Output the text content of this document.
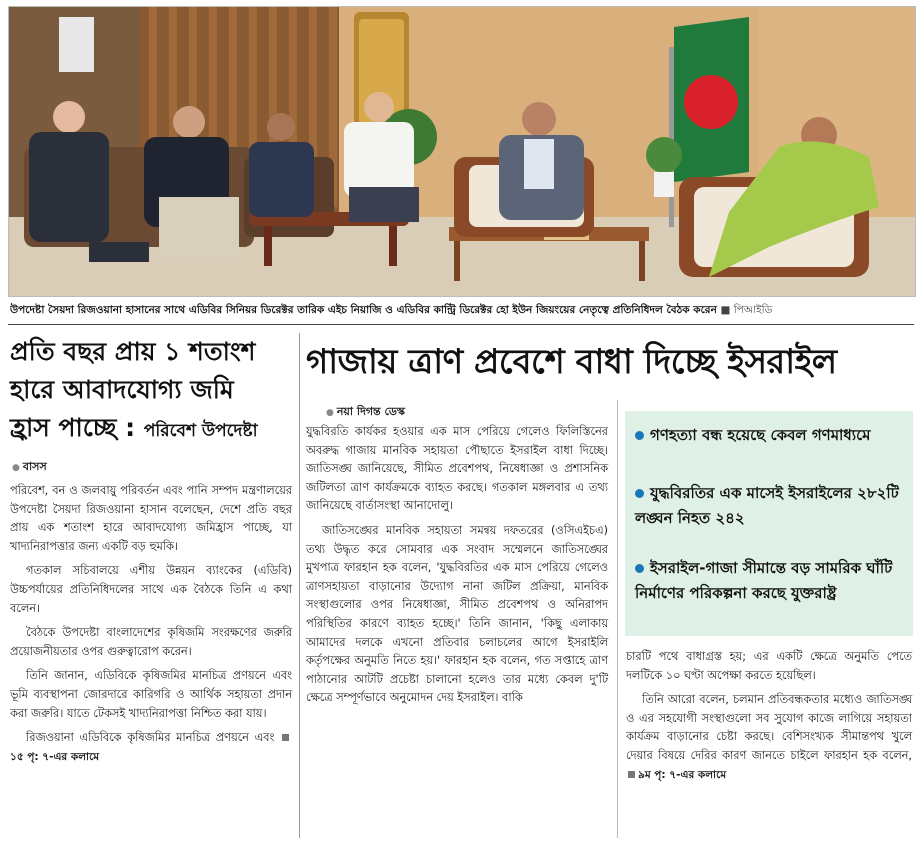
উপদেষ্টা সৈয়দা রিজওয়ানা হাসানের সাথে এডিবির সিনিয়র ডিরেক্টর তারিক এইচ নিয়াজি ও এডিবির কান্ট্রি ডিরেক্টর হো ইউন জিয়ংয়ের নেতৃত্বে প্রতিনিধিদল বৈঠক করেন ■ পিআইডি
প্রতি বছর প্রায় ১ শতাংশ
হারে আবাদযোগ্য জমি
হ্রাস পাচ্ছে : পরিবেশ উপদেষ্টা
● বাসস

পরিবেশ, বন ও জলবায়ু পরিবর্তন এবং পানি সম্পদ মন্ত্রণালয়ের উপদেষ্টা সৈয়দা রিজওয়ানা হাসান বলেছেন, দেশে প্রতি বছর প্রায় এক শতাংশ হারে আবাদযোগ্য জমিহ্রাস পাচ্ছে, যা খাদ্যনিরাপত্তার জন্য একটি বড় হুমকি।

গতকাল সচিবালয়ে এশীয় উন্নয়ন ব্যাংকের (এডিবি) উচ্চপর্যায়ের প্রতিনিধিদলের সাথে এক বৈঠকে তিনি এ কথা বলেন।

বৈঠকে উপদেষ্টা বাংলাদেশের কৃষিজমি সংরক্ষণের জরুরি প্রয়োজনীয়তার ওপর গুরুত্বারোপ করেন।

তিনি জানান, এডিবিকে কৃষিজমির মানচিত্র প্রণয়নে এবং ভূমি ব্যবস্থাপনা জোরদারে কারিগরি ও আর্থিক সহায়তা প্রদান করা জরুরি। যাতে টেকসই খাদ্যনিরাপত্তা নিশ্চিত করা যায়।

রিজওয়ানা এডিবিকে কৃষিজমির মানচিত্র প্রণয়নে এবং ১৫ পৃ: ৭-এর কলামে

গাজায় ত্রাণ প্রবেশে বাধা দিচ্ছে ইসরাইল
● নয়া দিগন্ত ডেস্ক

যুদ্ধবিরতি কার্যকর হওয়ার এক মাস পেরিয়ে গেলেও ফিলিস্তিনের অবরুদ্ধ গাজায় মানবিক সহায়তা পৌছাতে ইসরাইল বাধা দিচ্ছে। জাতিসঙ্ঘ জানিয়েছে, সীমিত প্রবেশপথ, নিষেধাজ্ঞা ও প্রশাসনিক জটিলতা ত্রাণ কার্যক্রমকে ব্যাহত করছে। গতকাল মঙ্গলবার এ তথ্য জানিয়েছে বার্তাসংস্থা আনাদোলু।

জাতিসঙ্ঘের মানবিক সহায়তা সমন্বয় দফতরের (ওসিএইচএ) তথ্য উদ্ধৃত করে সোমবার এক সংবাদ সম্মেলনে জাতিসঙ্ঘের মুখপাত্র ফারহান হক বলেন, 'যুদ্ধবিরতির এক মাস পেরিয়ে গেলেও ত্রাণসহায়তা বাড়ানোর উদ্যোগ নানা জটিল প্রক্রিয়া, মানবিক সংস্থাগুলোর ওপর নিষেধাজ্ঞা, সীমিত প্রবেশপথ ও অনিরাপদ পরিস্থিতির কারণে ব্যাহত হচ্ছে।' তিনি জানান, 'কিছু এলাকায় আমাদের দলকে এখনো প্রতিবার চলাচলের আগে ইসরাইলি কর্তৃপক্ষের অনুমতি নিতে হয়।' ফারহান হক বলেন, গত সপ্তাহে ত্রাণ পাঠানোর আটটি প্রচেষ্টা চালানো হলেও তার মধ্যে কেবল দু'টি ক্ষেত্রে সম্পূর্ণভাবে অনুমোদন দেয় ইসরাইল। বাকি

গণহত্যা বন্ধ হয়েছে কেবল গণমাধ্যমে
যুদ্ধবিরতির এক মাসেই ইসরাইলের ২৮২টি লঙ্ঘন নিহত ২৪২
ইসরাইল-গাজা সীমান্তে বড় সামরিক ঘাঁটি নির্মাণের পরিকল্পনা করছে যুক্তরাষ্ট্র

চারটি পথে বাধাগ্রস্ত হয়; এর একটি ক্ষেত্রে অনুমতি পেতে দলটিকে ১০ ঘণ্টা অপেক্ষা করতে হয়েছিল।

তিনি আরো বলেন, চলমান প্রতিবন্ধকতার মধ্যেও জাতিসঙ্ঘ ও এর সহযোগী সংস্থাগুলো সব সুযোগ কাজে লাগিয়ে সহায়তা কার্যক্রম বাড়ানোর চেষ্টা করছে। বেশিসংখ্যক সীমান্তপথ খুলে দেয়ার বিষয়ে দেরির কারণ জানতে চাইলে ফারহান হক বলেন, ৯ম পৃ: ৭-এর কলামে
